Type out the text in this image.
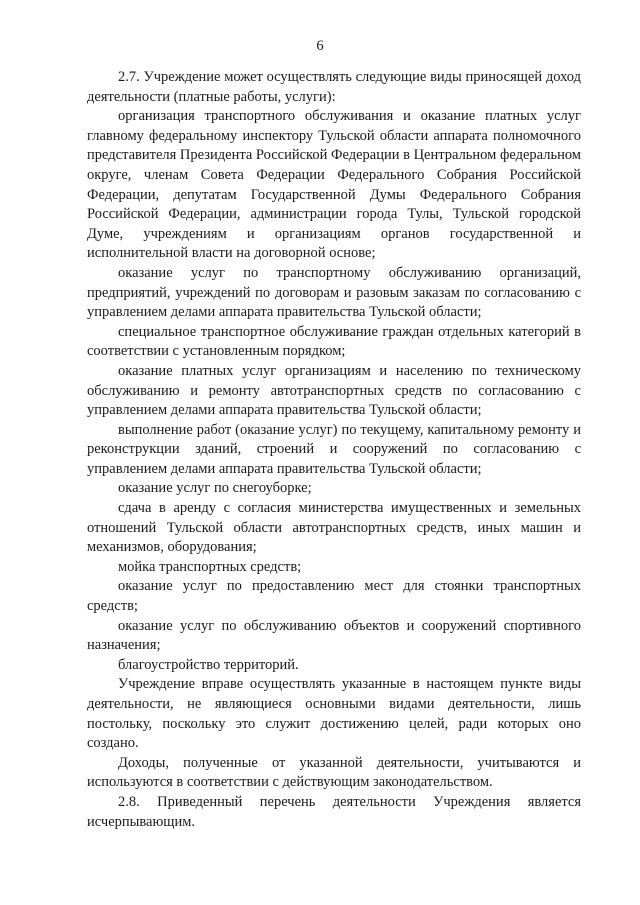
6

2.7. Учреждение может осуществлять следующие виды приносящей доход деятельности (платные работы, услуги):

организация транспортного обслуживания и оказание платных услуг главному федеральному инспектору Тульской области аппарата полномочного представителя Президента Российской Федерации в Центральном федеральном округе, членам Совета Федерации Федерального Собрания Российской Федерации, депутатам Государственной Думы Федерального Собрания Российской Федерации, администрации города Тулы, Тульской городской Думе, учреждениям и организациям органов государственной и исполнительной власти на договорной основе;

оказание услуг по транспортному обслуживанию организаций, предприятий, учреждений по договорам и разовым заказам по согласованию с управлением делами аппарата правительства Тульской области;

специальное транспортное обслуживание граждан отдельных категорий в соответствии с установленным порядком;

оказание платных услуг организациям и населению по техническому обслуживанию и ремонту автотранспортных средств по согласованию с управлением делами аппарата правительства Тульской области;

выполнение работ (оказание услуг) по текущему, капитальному ремонту и реконструкции зданий, строений и сооружений по согласованию с управлением делами аппарата правительства Тульской области;

оказание услуг по снегоуборке;

сдача в аренду с согласия министерства имущественных и земельных отношений Тульской области автотранспортных средств, иных машин и механизмов, оборудования;

мойка транспортных средств;

оказание услуг по предоставлению мест для стоянки транспортных средств;

оказание услуг по обслуживанию объектов и сооружений спортивного назначения;

благоустройство территорий.

Учреждение вправе осуществлять указанные в настоящем пункте виды деятельности, не являющиеся основными видами деятельности, лишь постольку, поскольку это служит достижению целей, ради которых оно создано.

Доходы, полученные от указанной деятельности, учитываются и используются в соответствии с действующим законодательством.

2.8. Приведенный перечень деятельности Учреждения является исчерпывающим.
